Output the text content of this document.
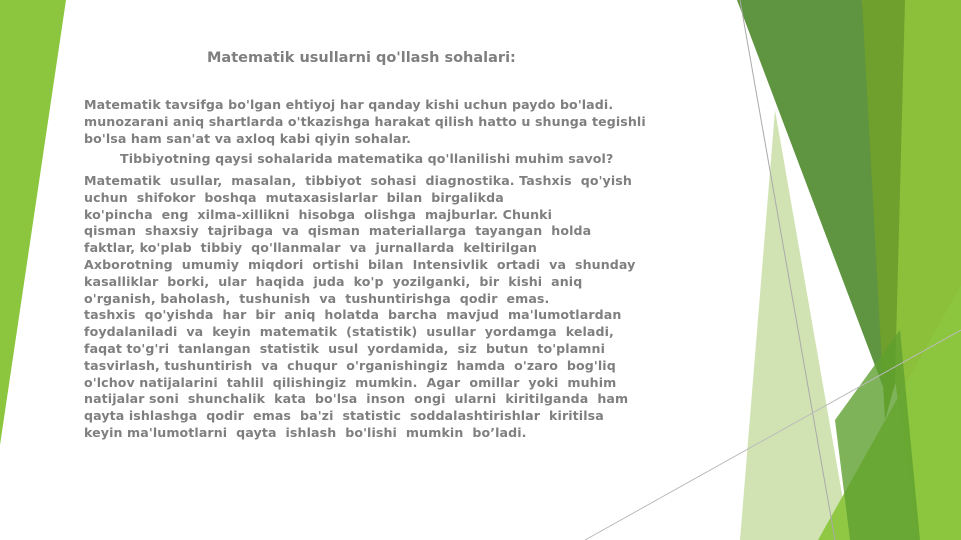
Matematik usullarni qo'llash sohalari:
Matematik tavsifga bo'lgan ehtiyoj har qanday kishi uchun paydo bo'ladi.
munozarani aniq shartlarda o'tkazishga harakat qilish hatto u shunga tegishli
bo'lsa ham san'at va axloq kabi qiyin sohalar.
Tibbiyotning qaysi sohalarida matematika qo'llanilishi muhim savol?
Matematik  usullar,  masalan,  tibbiyot  sohasi  diagnostika. Tashxis  qo'yish
uchun  shifokor  boshqa  mutaxasislarlar  bilan  birgalikda
ko'pincha  eng  xilma-xillikni  hisobga  olishga  majburlar. Chunki
qisman  shaxsiy  tajribaga  va  qisman  materiallarga  tayangan  holda
faktlar, ko'plab  tibbiy  qo'llanmalar  va  jurnallarda  keltirilgan
Axborotning  umumiy  miqdori  ortishi  bilan  Intensivlik  ortadi  va  shunday
kasalliklar  borki,  ular  haqida  juda  ko'p  yozilganki,  bir  kishi  aniq
o'rganish, baholash,  tushunish  va  tushuntirishga  qodir  emas.
tashxis  qo'yishda  har  bir  aniq  holatda  barcha  mavjud  ma'lumotlardan
foydalaniladi  va  keyin  matematik  (statistik)  usullar  yordamga  keladi,
faqat to'g'ri  tanlangan  statistik  usul  yordamida,  siz  butun  to'plamni
tasvirlash, tushuntirish  va  chuqur  o'rganishingiz  hamda  o'zaro  bog'liq
o'lchov natijalarini  tahlil  qilishingiz  mumkin.  Agar  omillar  yoki  muhim
natijalar soni  shunchalik  kata  bo'lsa  inson  ongi  ularni  kiritilganda  ham
qayta ishlashga  qodir  emas  ba'zi  statistic  soddalashtirishlar  kiritilsa
keyin ma'lumotlarni  qayta  ishlash  bo'lishi  mumkin  bo’ladi.
